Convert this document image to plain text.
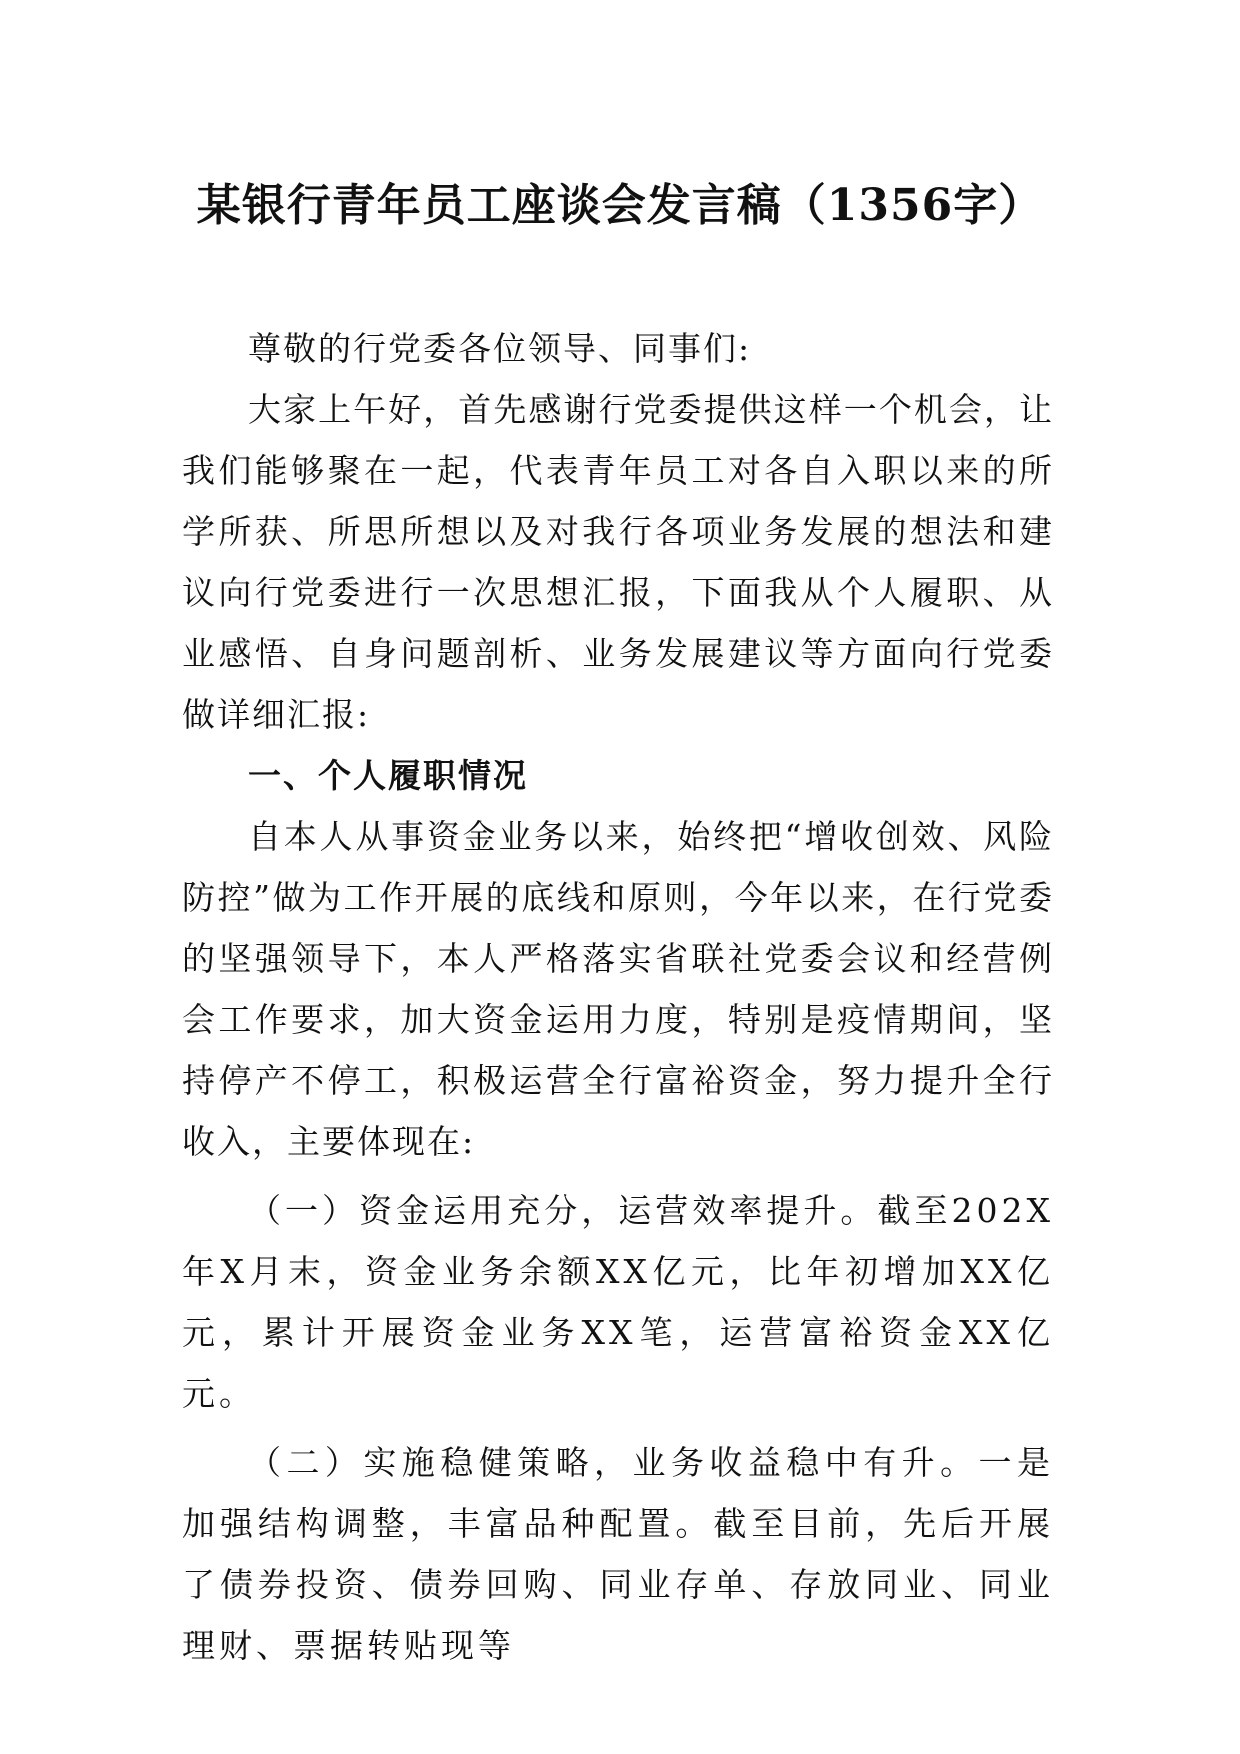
某银行青年员工座谈会发言稿（1356字）

尊敬的行党委各位领导、同事们:

大家上午好，首先感谢行党委提供这样一个机会，让我们能够聚在一起，代表青年员工对各自入职以来的所学所获、所思所想以及对我行各项业务发展的想法和建议向行党委进行一次思想汇报，下面我从个人履职、从业感悟、自身问题剖析、业务发展建议等方面向行党委做详细汇报:

一、个人履职情况

自本人从事资金业务以来，始终把“增收创效、风险防控”做为工作开展的底线和原则，今年以来，在行党委的坚强领导下，本人严格落实省联社党委会议和经营例会工作要求，加大资金运用力度，特别是疫情期间，坚持停产不停工，积极运营全行富裕资金，努力提升全行收入，主要体现在:

（一）资金运用充分，运营效率提升。截至202X年X月末，资金业务余额XX亿元，比年初增加XX亿元，累计开展资金业务XX笔，运营富裕资金XX亿元。

（二）实施稳健策略，业务收益稳中有升。一是加强结构调整，丰富品种配置。截至目前，先后开展了债券投资、债券回购、同业存单、存放同业、同业理财、票据转贴现等
